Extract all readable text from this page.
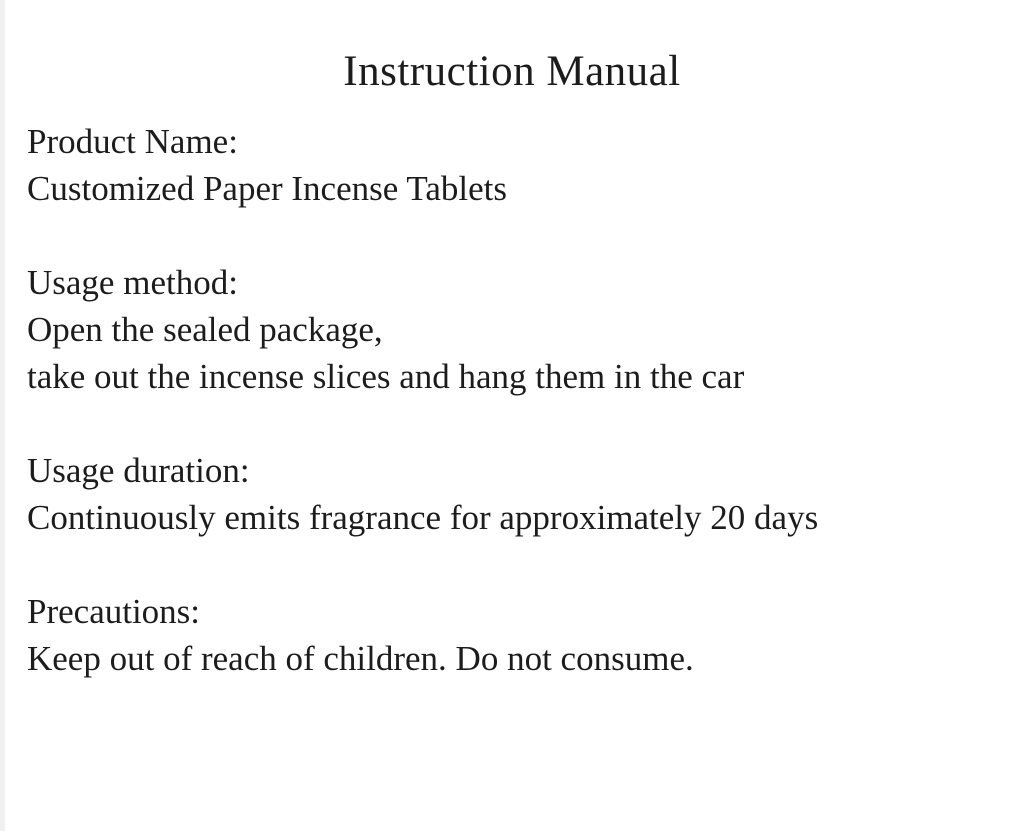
Instruction Manual
Product Name:
Customized Paper Incense Tablets
Usage method:
Open the sealed package,
take out the incense slices and hang them in the car
Usage duration:
Continuously emits fragrance for approximately 20 days
Precautions:
Keep out of reach of children. Do not consume.
